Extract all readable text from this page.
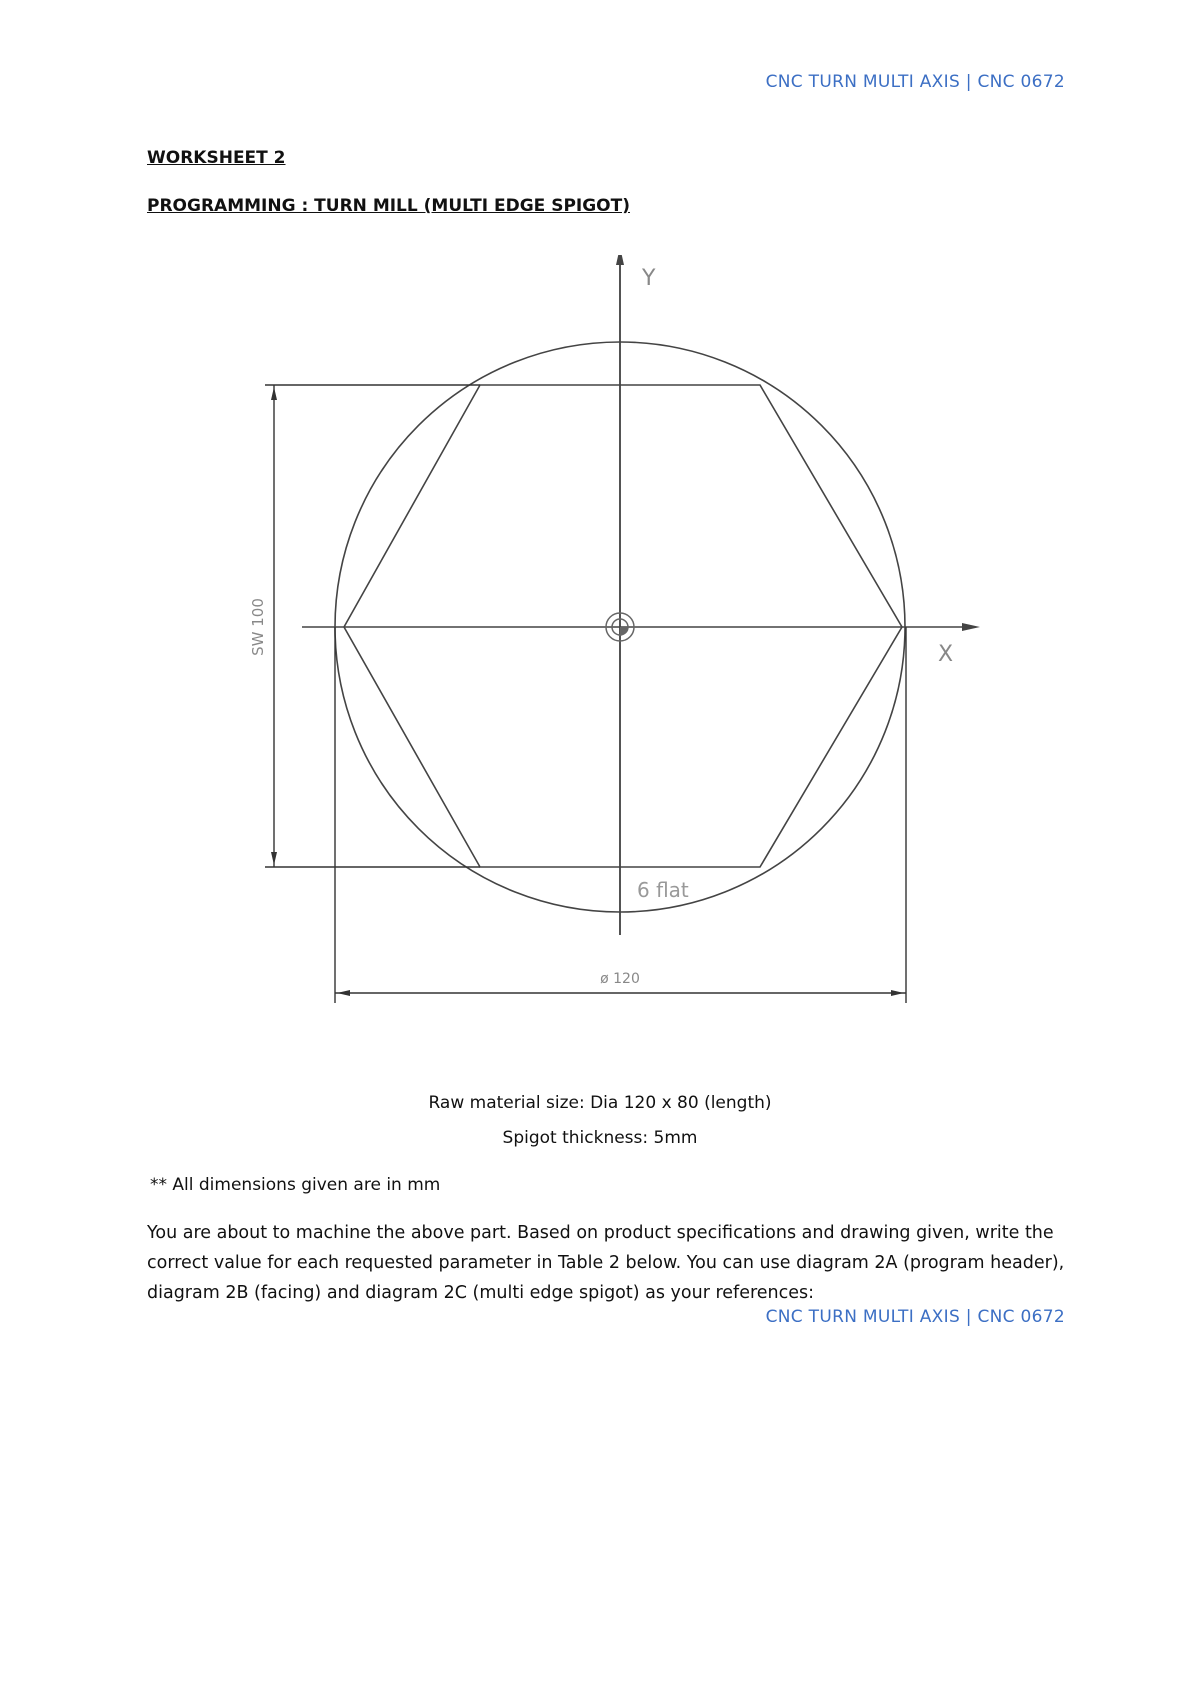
CNC TURN MULTI AXIS | CNC 0672
WORKSHEET 2
PROGRAMMING : TURN MILL (MULTI EDGE SPIGOT)
SW 100
ø 120
Y
X
6 flat
Raw material size: Dia 120 x 80 (length)
Spigot thickness: 5mm
** All dimensions given are in mm
You are about to machine the above part. Based on product specifications and drawing given, write the correct value for each requested parameter in Table 2 below. You can use diagram 2A (program header), diagram 2B (facing) and diagram 2C (multi edge spigot) as your references:
CNC TURN MULTI AXIS | CNC 0672
